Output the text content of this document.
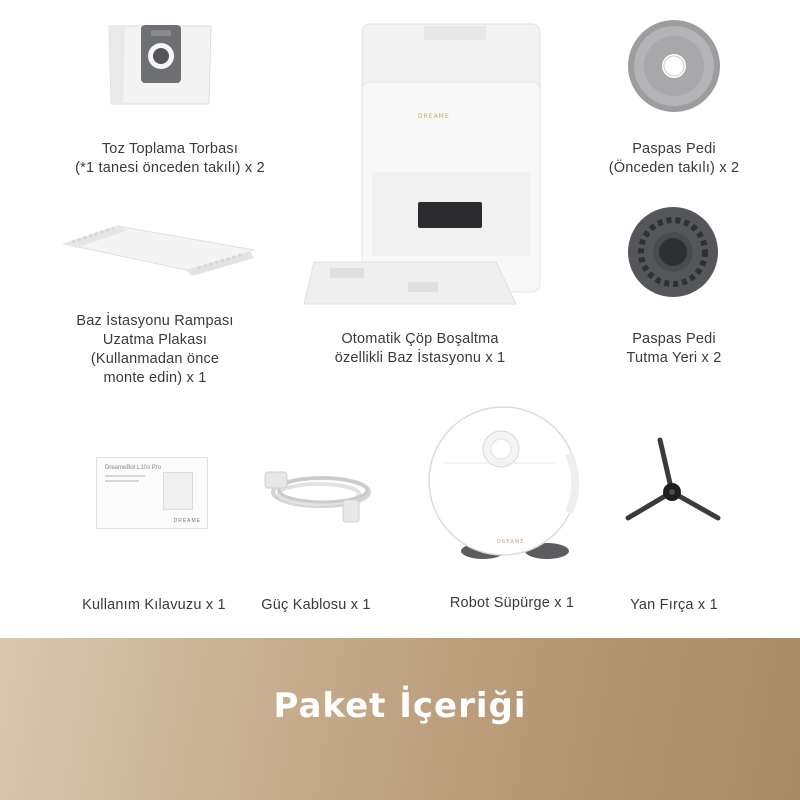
Toz Toplama Torbası
(*1 tanesi önceden takılı) x 2
Paspas Pedi
(Önceden takılı) x 2
Baz İstasyonu Rampası
Uzatma Plakası
(Kullanmadan önce
monte edin) x 1
DREAME
Otomatik Çöp Boşaltma
özellikli Baz İstasyonu x 1
Paspas Pedi
Tutma Yeri x 2
DreameBot L10s Pro
DREAME
Kullanım Kılavuzu x 1	Güç Kablosu x 1
DREAME
Robot Süpürge x 1	Yan Fırça x 1
Paket İçeriği
